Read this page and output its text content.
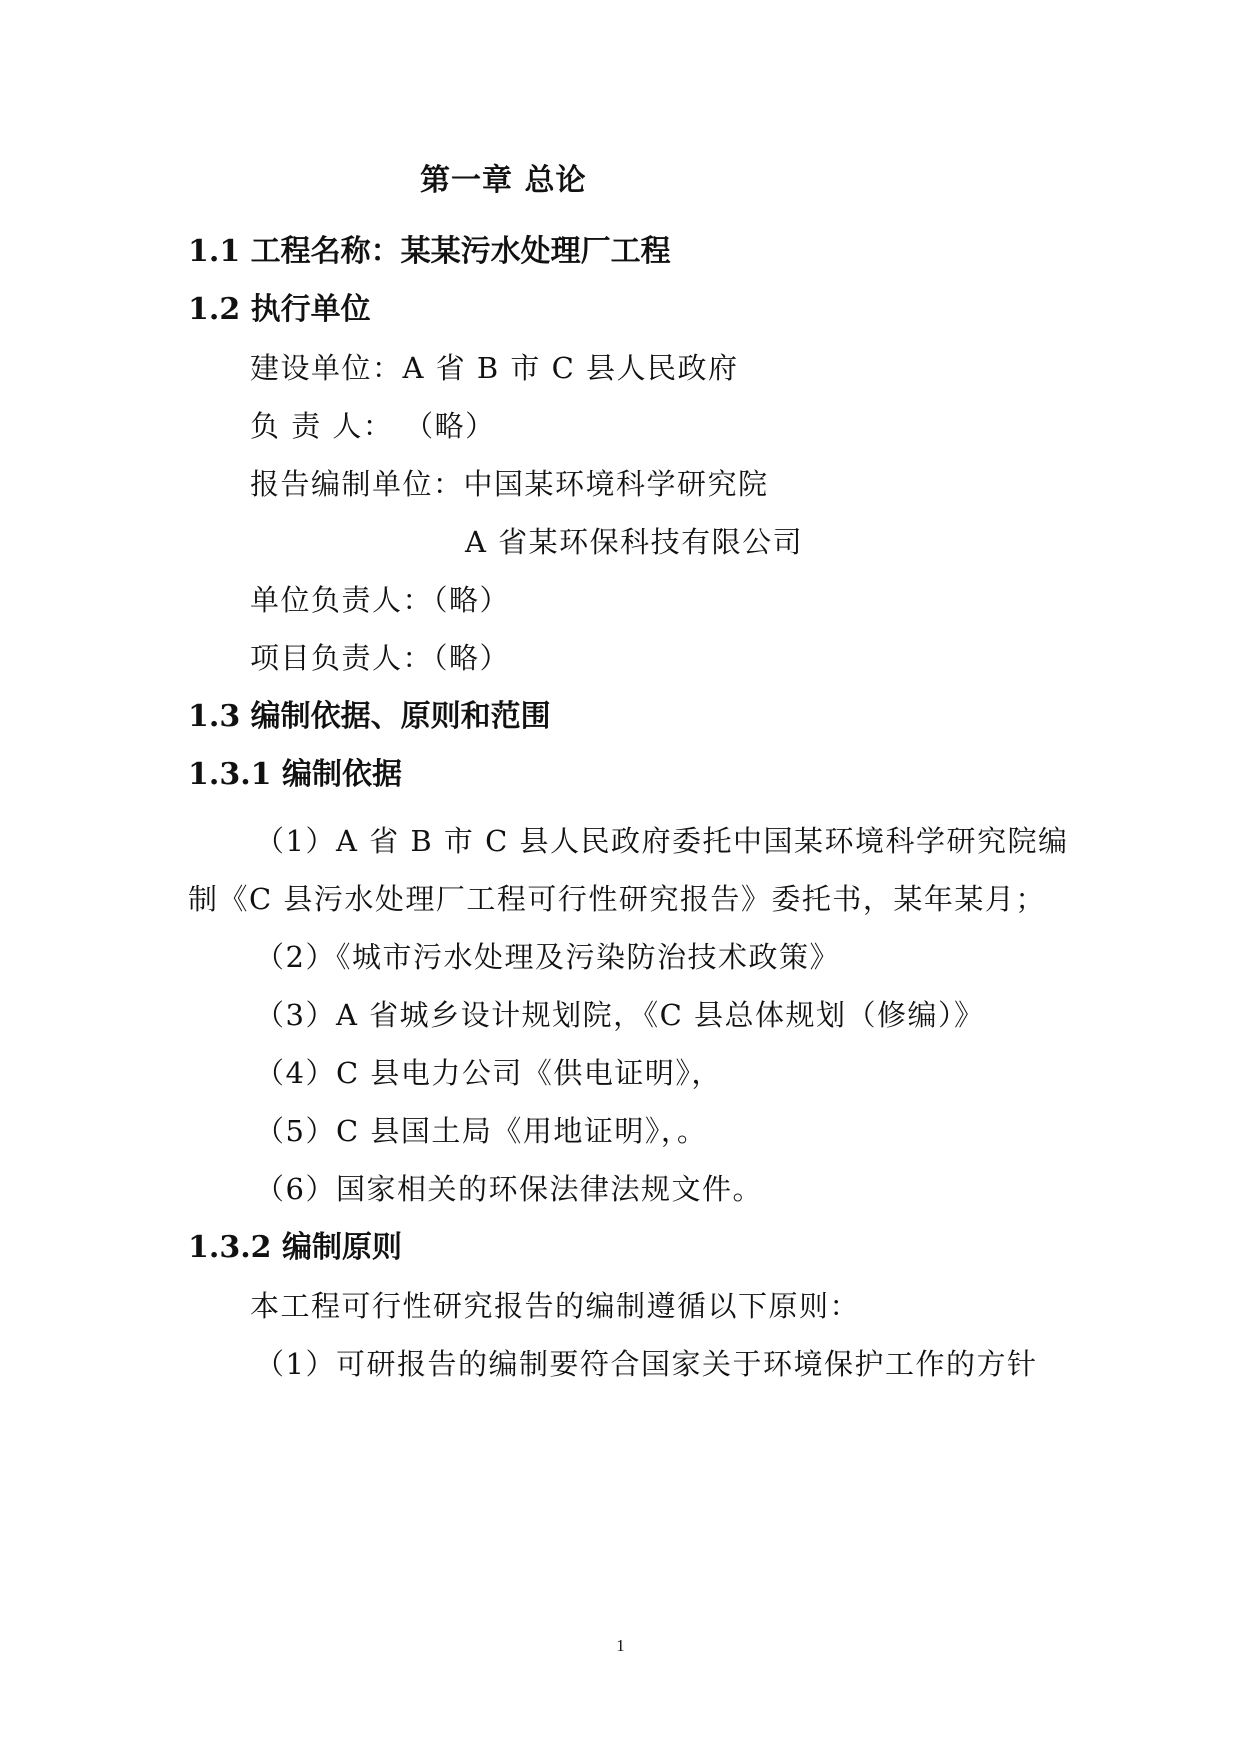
第一章 总论
1.1 工程名称：某某污水处理厂工程
1.2 执行单位
建设单位：A 省 B 市 C 县人民政府
负 责 人： （略）
报告编制单位：中国某环境科学研究院
A 省某环保科技有限公司
单位负责人：（略）
项目负责人：（略）
1.3 编制依据、原则和范围
1.3.1 编制依据
（1）A 省 B 市 C 县人民政府委托中国某环境科学研究院编
制《C 县污水处理厂工程可行性研究报告》委托书，某年某月；
（2）《城市污水处理及污染防治技术政策》
（3）A 省城乡设计规划院，《C 县总体规划（修编）》
（4）C 县电力公司《供电证明》，
（5）C 县国土局《用地证明》，。
（6）国家相关的环保法律法规文件。
1.3.2 编制原则
本工程可行性研究报告的编制遵循以下原则：
（1）可研报告的编制要符合国家关于环境保护工作的方针
1
